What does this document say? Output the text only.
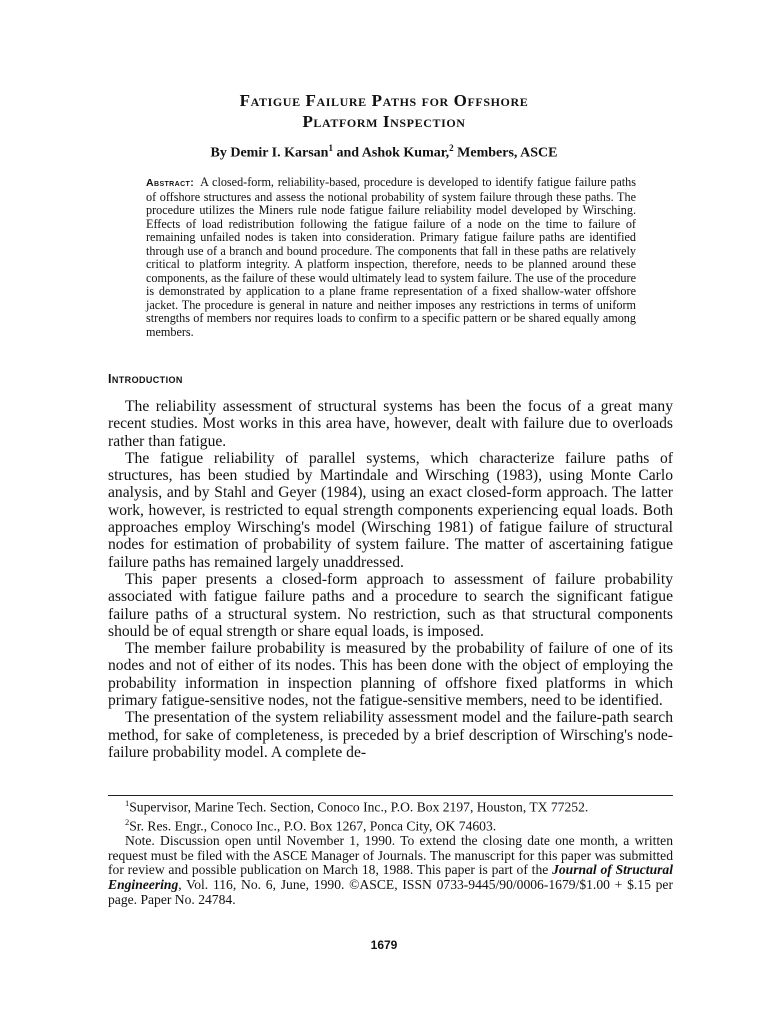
Fatigue Failure Paths for Offshore
Platform Inspection
By Demir I. Karsan$^1$ and Ashok Kumar,$^2$ Members, ASCE
Abstract: A closed-form, reliability-based, procedure is developed to identify fatigue failure paths of offshore structures and assess the notional probability of system failure through these paths. The procedure utilizes the Miners rule node fatigue failure reliability model developed by Wirsching. Effects of load redistribution following the fatigue failure of a node on the time to failure of remaining unfailed nodes is taken into consideration. Primary fatigue failure paths are identified through use of a branch and bound procedure. The components that fall in these paths are relatively critical to platform integrity. A platform inspection, therefore, needs to be planned around these components, as the failure of these would ultimately lead to system failure. The use of the procedure is demonstrated by application to a plane frame representation of a fixed shallow-water offshore jacket. The procedure is general in nature and neither imposes any restrictions in terms of uniform strengths of members nor requires loads to confirm to a specific pattern or be shared equally among members.
Introduction

The reliability assessment of structural systems has been the focus of a great many recent studies. Most works in this area have, however, dealt with failure due to overloads rather than fatigue.

The fatigue reliability of parallel systems, which characterize failure paths of structures, has been studied by Martindale and Wirsching (1983), using Monte Carlo analysis, and by Stahl and Geyer (1984), using an exact closed-form approach. The latter work, however, is restricted to equal strength components experiencing equal loads. Both approaches employ Wirsching's model (Wirsching 1981) of fatigue failure of structural nodes for estimation of probability of system failure. The matter of ascertaining fatigue failure paths has remained largely unaddressed.

This paper presents a closed-form approach to assessment of failure probability associated with fatigue failure paths and a procedure to search the significant fatigue failure paths of a structural system. No restriction, such as that structural components should be of equal strength or share equal loads, is imposed.

The member failure probability is measured by the probability of failure of one of its nodes and not of either of its nodes. This has been done with the object of employing the probability information in inspection planning of offshore fixed platforms in which primary fatigue-sensitive nodes, not the fatigue-sensitive members, need to be identified.

The presentation of the system reliability assessment model and the failure-path search method, for sake of completeness, is preceded by a brief description of Wirsching's node-failure probability model. A complete de-

$^1$Supervisor, Marine Tech. Section, Conoco Inc., P.O. Box 2197, Houston, TX 77252.

$^2$Sr. Res. Engr., Conoco Inc., P.O. Box 1267, Ponca City, OK 74603.

Note. Discussion open until November 1, 1990. To extend the closing date one month, a written request must be filed with the ASCE Manager of Journals. The manuscript for this paper was submitted for review and possible publication on March 18, 1988. This paper is part of the Journal of Structural Engineering, Vol. 116, No. 6, June, 1990. ©ASCE, ISSN 0733-9445/90/0006-1679/$1.00 + $.15 per page. Paper No. 24784.

1679
